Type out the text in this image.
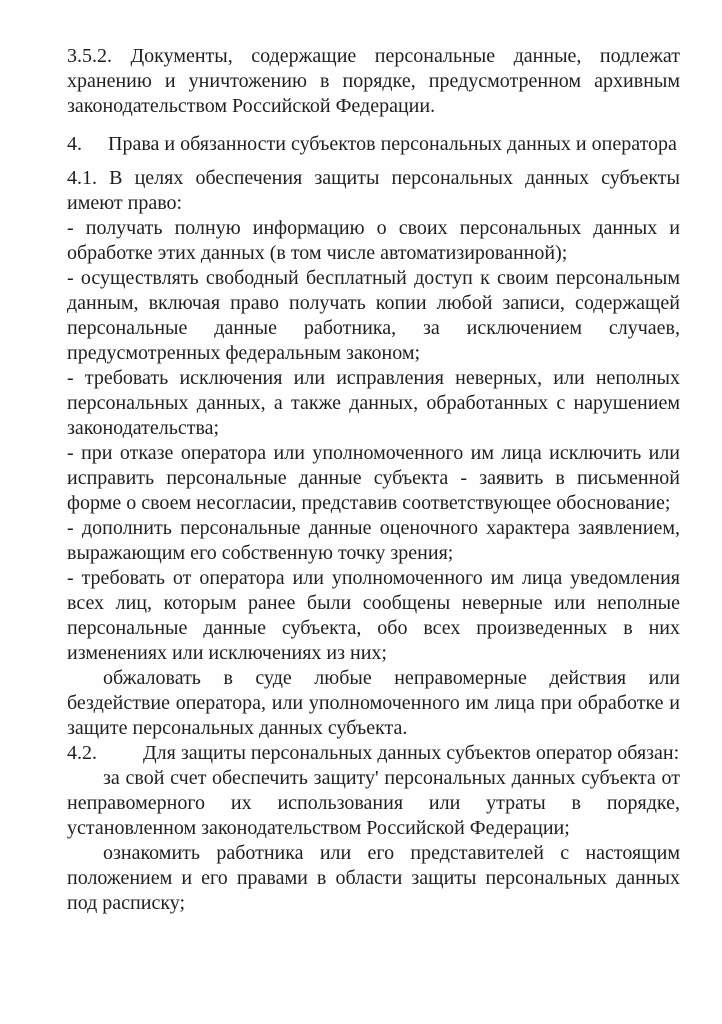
3.5.2. Документы, содержащие персональные данные, подлежат хранению и уничтожению в порядке, предусмотренном архивным законодательством Российской Федерации.

4. Права и обязанности субъектов персональных данных и оператора

4.1. В целях обеспечения защиты персональных данных субъекты имеют право:

- получать полную информацию о своих персональных данных и обработке этих данных (в том числе автоматизированной);

- осуществлять свободный бесплатный доступ к своим персональным данным, включая право получать копии любой записи, содержащей персональные данные работника, за исключением случаев, предусмотренных федеральным законом;

- требовать исключения или исправления неверных, или неполных персональных данных, а также данных, обработанных с нарушением законодательства;

- при отказе оператора или уполномоченного им лица исключить или исправить персональные данные субъекта - заявить в письменной форме о своем несогласии, представив соответствующее обоснование;

- дополнить персональные данные оценочного характера заявлением, выражающим его собственную точку зрения;

- требовать от оператора или уполномоченного им лица уведомления всех лиц, которым ранее были сообщены неверные или неполные персональные данные субъекта, обо всех произведенных в них изменениях или исключениях из них;

обжаловать в суде любые неправомерные действия или бездействие оператора, или уполномоченного им лица при обработке и защите персональных данных субъекта.

4.2. Для защиты персональных данных субъектов оператор обязан:

за свой счет обеспечить защиту' персональных данных субъекта от неправомерного их использования или утраты в порядке, установленном законодательством Российской Федерации;

ознакомить работника или его представителей с настоящим положением и его правами в области защиты персональных данных под расписку;
